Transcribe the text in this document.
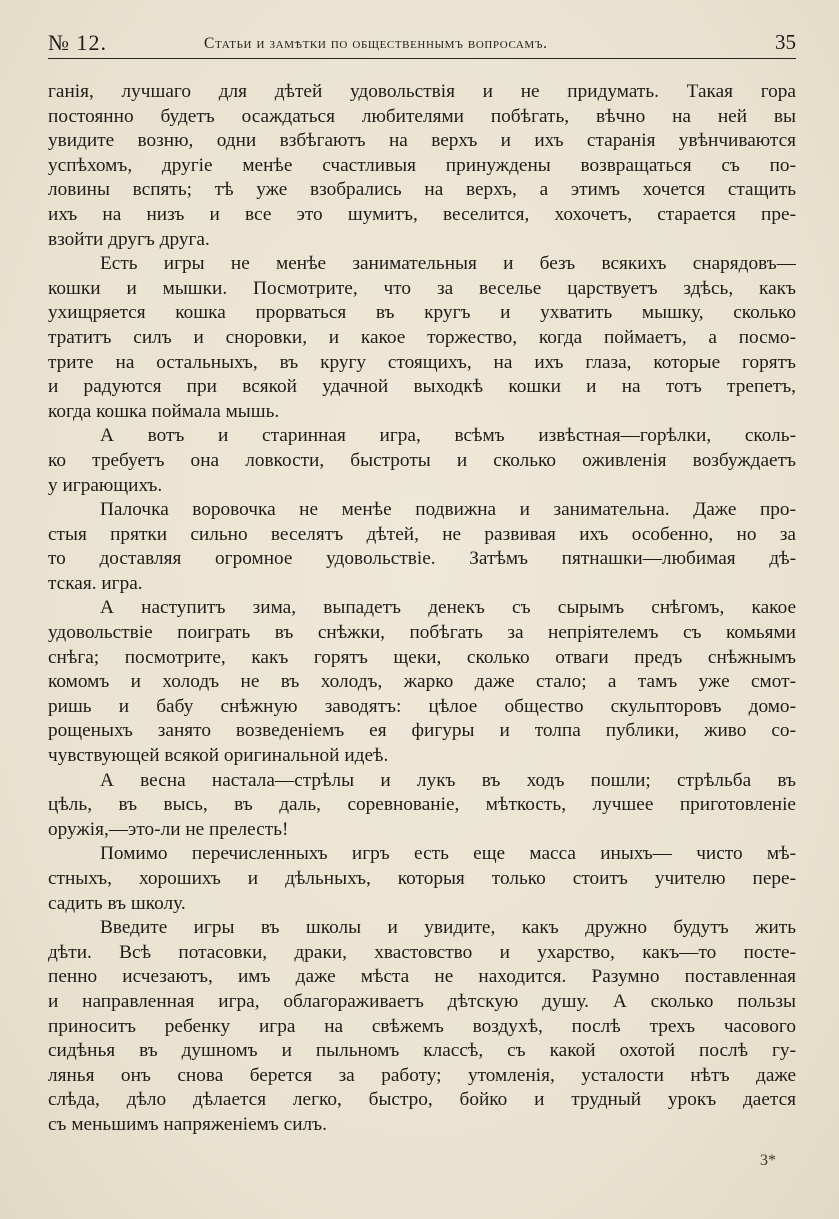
№ 12.	Статьи и замѣтки по общественнымъ вопросамъ.	35
ганія, лучшаго для дѣтей удовольствія и не придумать. Такая гора
постоянно будетъ осаждаться любителями побѣгать, вѣчно на ней вы
увидите возню, одни взбѣгаютъ на верхъ и ихъ старанія увѣнчиваются
успѣхомъ, другіе менѣе счастливыя принуждены возвращаться съ по-
ловины вспять; тѣ уже взобрались на верхъ, а этимъ хочется стащить
ихъ на низъ и все это шумитъ, веселится, хохочетъ, старается пре-
взойти другъ друга.
Есть игры не менѣе занимательныя и безъ всякихъ снарядовъ—
кошки и мышки. Посмотрите, что за веселье царствуетъ здѣсь, какъ
ухищряется кошка прорваться въ кругъ и ухватить мышку, сколько
тратитъ силъ и сноровки, и какое торжество, когда поймаетъ, а посмо-
трите на остальныхъ, въ кругу стоящихъ, на ихъ глаза, которые горятъ
и радуются при всякой удачной выходкѣ кошки и на тотъ трепетъ,
когда кошка поймала мышь.
А вотъ и старинная игра, всѣмъ извѣстная—горѣлки, сколь-
ко требуетъ она ловкости, быстроты и сколько оживленія возбуждаетъ
у играющихъ.
Палочка воровочка не менѣе подвижна и занимательна. Даже про-
стыя прятки сильно веселятъ дѣтей, не развивая ихъ особенно, но за
то доставляя огромное удовольствіе. Затѣмъ пятнашки—любимая дѣ-
тская. игра.
А наступитъ зима, выпадетъ денекъ съ сырымъ снѣгомъ, какое
удовольствіе поиграть въ снѣжки, побѣгать за непріятелемъ съ комьями
снѣга; посмотрите, какъ горятъ щеки, сколько отваги предъ снѣжнымъ
комомъ и холодъ не въ холодъ, жарко даже стало; а тамъ уже смот-
ришь и бабу снѣжную заводятъ: цѣлое общество скульпторовъ домо-
рощеныхъ занято возведеніемъ ея фигуры и толпа публики, живо со-
чувствующей всякой оригинальной идеѣ.
А весна настала—стрѣлы и лукъ въ ходъ пошли; стрѣльба въ
цѣль, въ высь, въ даль, соревнованіе, мѣткость, лучшее приготовленіе
оружія,—это-ли не прелесть!
Помимо перечисленныхъ игръ есть еще масса иныхъ— чисто мѣ-
стныхъ, хорошихъ и дѣльныхъ, которыя только стоитъ учителю пере-
садить въ школу.
Введите игры въ школы и увидите, какъ дружно будутъ жить
дѣти. Всѣ потасовки, драки, хвастовство и ухарство, какъ—то посте-
пенно исчезаютъ, имъ даже мѣста не находится. Разумно поставленная
и направленная игра, облагораживаетъ дѣтскую душу. А сколько пользы
приноситъ ребенку игра на свѣжемъ воздухѣ, послѣ трехъ часового
сидѣнья въ душномъ и пыльномъ классѣ, съ какой охотой послѣ гу-
лянья онъ снова берется за работу; утомленія, усталости нѣтъ даже
слѣда, дѣло дѣлается легко, быстро, бойко и трудный урокъ дается
съ меньшимъ напряженіемъ силъ.
3*
